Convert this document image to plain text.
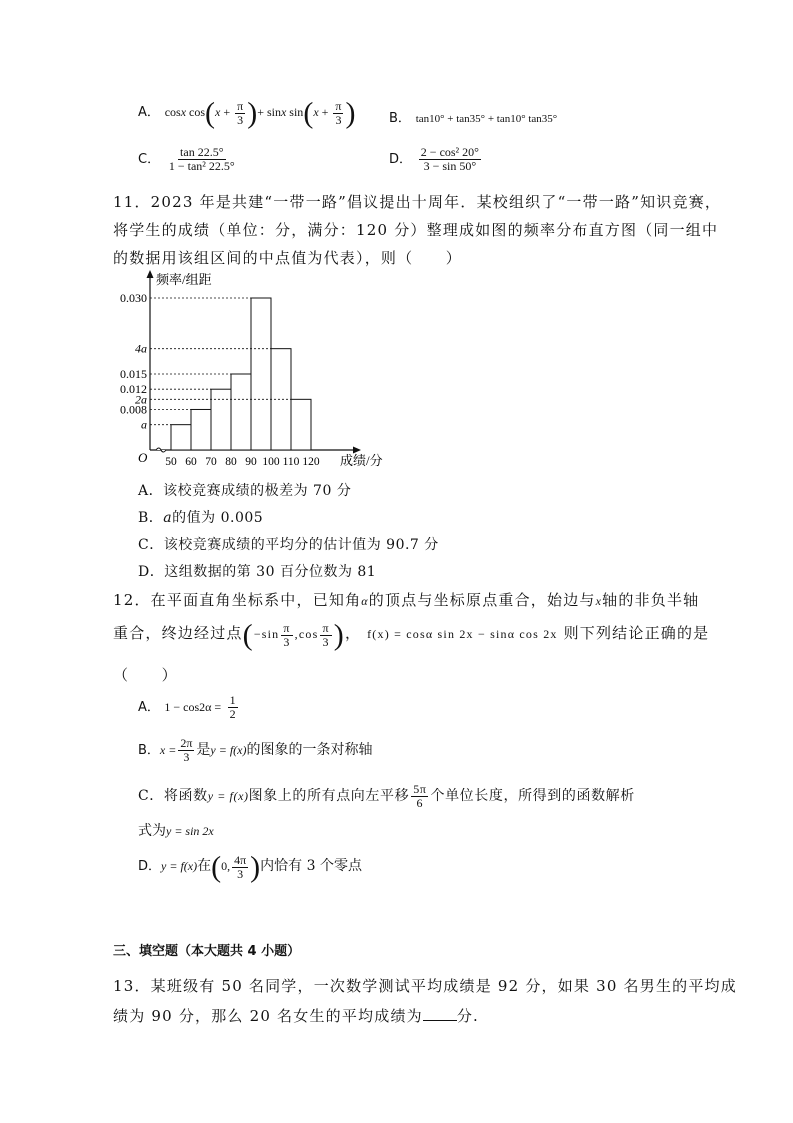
A． cosx $\cos(x + \frac{\pi}{3}$ )+ sinx $\sin(x + \frac{\pi}{3}$ )	B． tan10° + tan35° + tan10° tan35°
C． $\frac{\tan 22.5^\circ}{\text{1 − tan² 22.5°}}$	D． $\frac{\text{2 − cos² 20°}}{3 - \sin 50^\circ}$
11．2023 年是共建“一带一路”倡议提出十周年．某校组织了“一带一路”知识竞赛，
将学生的成绩（单位：分，满分：120 分）整理成如图的频率分布直方图（同一组中
的数据用该组区间的中点值为代表），则（　　）
0.030
4a
0.015
0.012
2a
0.008
a
50 60 70 80 90 100 110 120
O
频率/组距
成绩/分
A．该校竞赛成绩的极差为 70 分
B．a的值为 0.005
C．该校竞赛成绩的平均分的估计值为 90.7 分
D．这组数据的第 30 百分位数为 81
12．在平面直角坐标系中，已知角α的顶点与坐标原点重合，始边与x轴的非负半轴
重合，终边经过点($-\sin \frac{\pi}{3} ,\cos \frac{\pi}{3}$ )， f(x) = cosα sin 2x − sinα cos 2x 则下列结论正确的是
（　　）
A． $1 - \cos 2\alpha = \frac{1}{2}$
B．$x = \frac{2\pi}{3}$ 是y = f(x)的图象的一条对称轴
C．将函数y = f(x)图象上的所有点向左平移 $\frac{5\pi}{6}$ 个单位长度，所得到的函数解析
式为y = sin 2x
D．y = f(x)在(0, $\frac{4\pi}{3}$ )内恰有 3 个零点
三、填空题（本大题共 4 小题）
13．某班级有 50 名同学，一次数学测试平均成绩是 92 分，如果 30 名男生的平均成
绩为 90 分，那么 20 名女生的平均成绩为 分.
